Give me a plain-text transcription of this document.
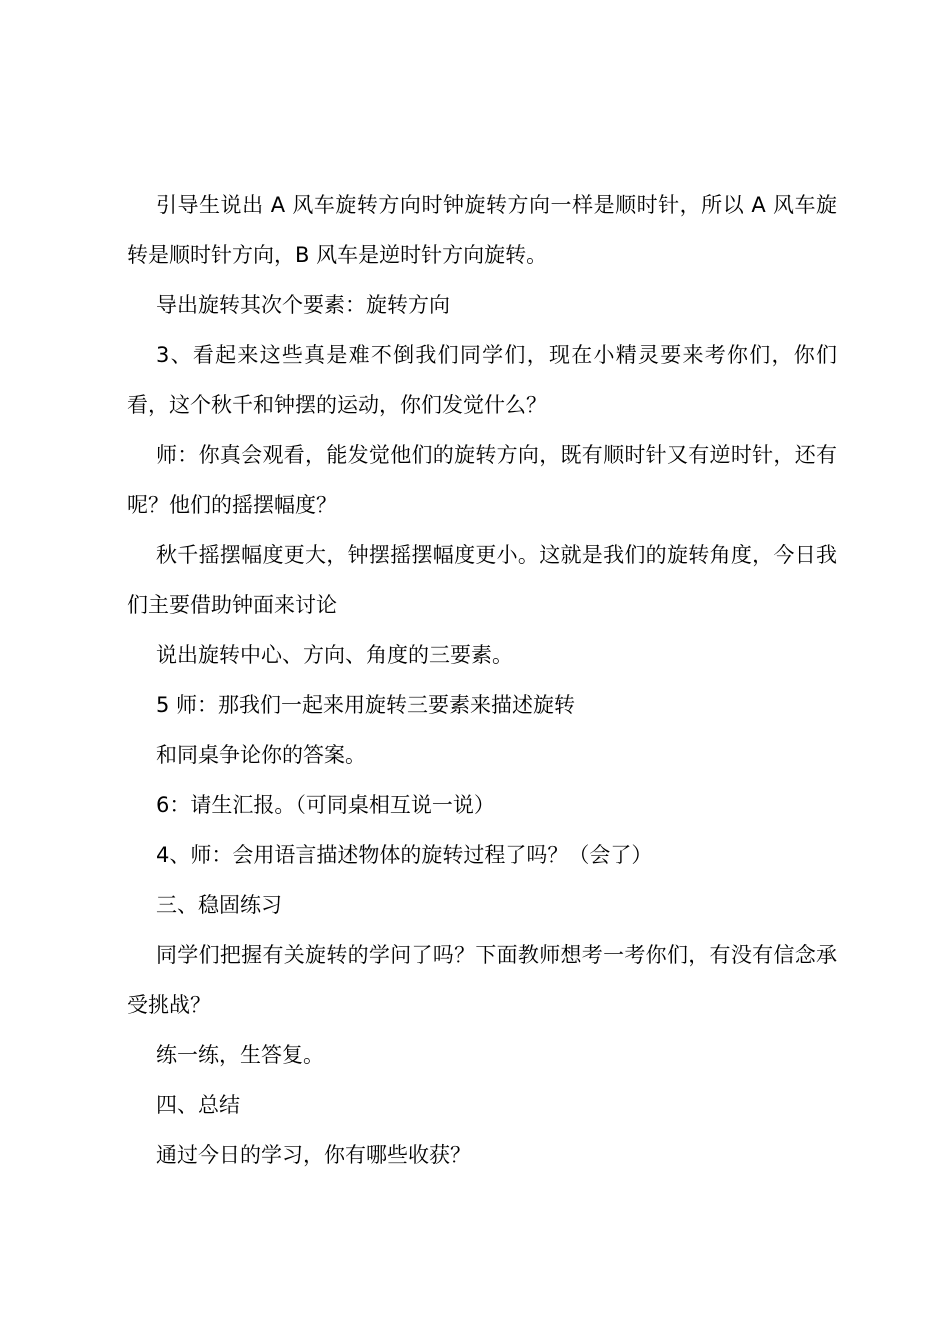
引导生说出 A 风车旋转方向时钟旋转方向一样是顺时针，所以 A 风车旋转是顺时针方向，B 风车是逆时针方向旋转。

导出旋转其次个要素：旋转方向

3、看起来这些真是难不倒我们同学们，现在小精灵要来考你们，你们看，这个秋千和钟摆的运动，你们发觉什么？

师：你真会观看，能发觉他们的旋转方向，既有顺时针又有逆时针，还有呢？他们的摇摆幅度？

秋千摇摆幅度更大，钟摆摇摆幅度更小。这就是我们的旋转角度，今日我们主要借助钟面来讨论

说出旋转中心、方向、角度的三要素。

5 师：那我们一起来用旋转三要素来描述旋转

和同桌争论你的答案。

6：请生汇报。（可同桌相互说一说）

4、师：会用语言描述物体的旋转过程了吗？（会了）

三、稳固练习

同学们把握有关旋转的学问了吗？下面教师想考一考你们，有没有信念承受挑战？

练一练，生答复。

四、总结

通过今日的学习，你有哪些收获？
